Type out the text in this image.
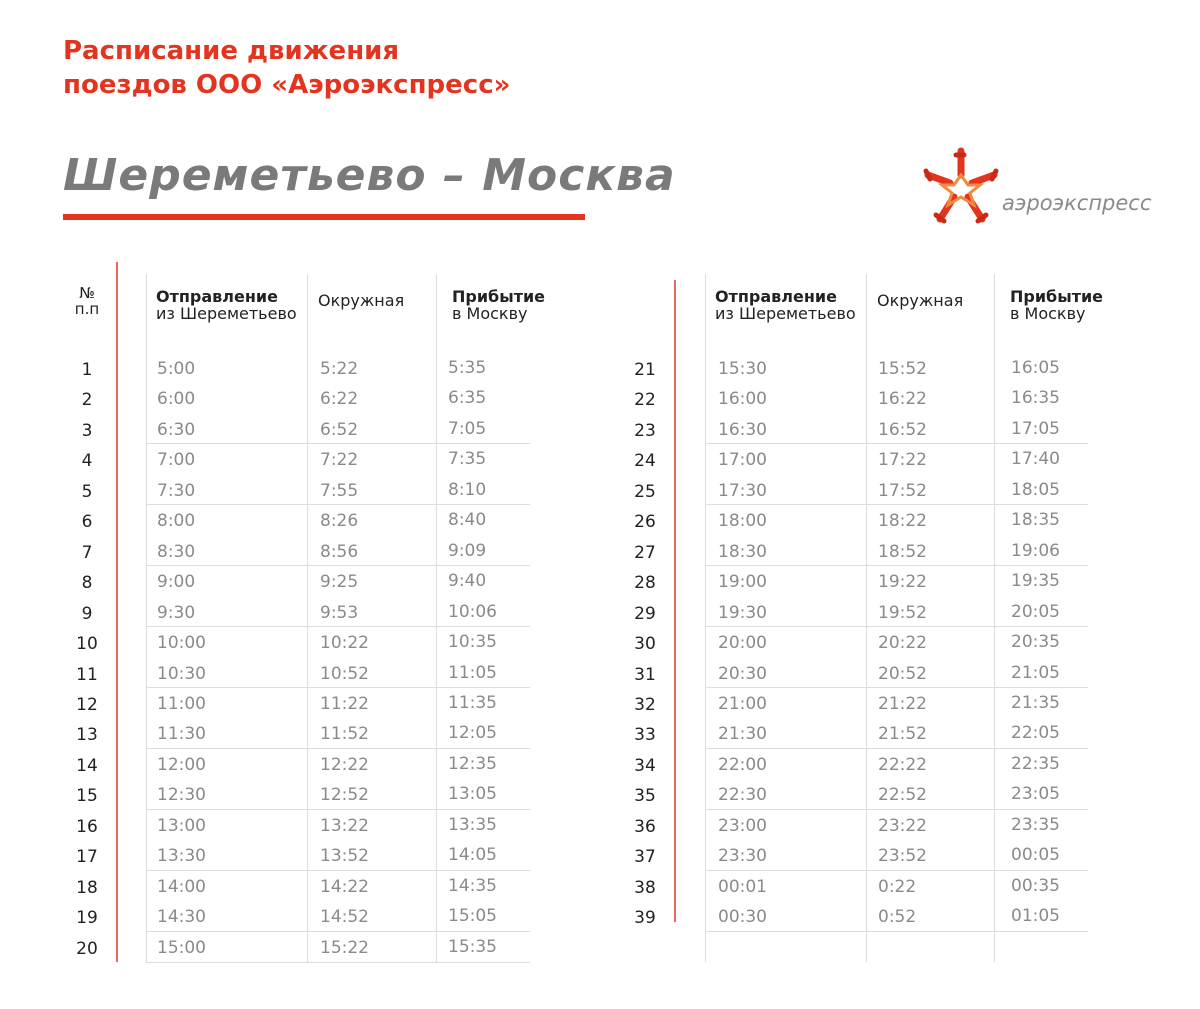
Расписание движения
поездов ООО «Аэроэкспресс»
Шереметьево – Москва
аэроэкспресс
№
п.п
Отправление
из Шереметьево
Окружная	Прибытие
в Москву
1	5:00	5:22	5:35
2	6:00	6:22	6:35
3	6:30	6:52	7:05
4	7:00	7:22	7:35
5	7:30	7:55	8:10
6	8:00	8:26	8:40
7	8:30	8:56	9:09
8	9:00	9:25	9:40
9	9:30	9:53	10:06
10	10:00	10:22	10:35
11	10:30	10:52	11:05
12	11:00	11:22	11:35
13	11:30	11:52	12:05
14	12:00	12:22	12:35
15	12:30	12:52	13:05
16	13:00	13:22	13:35
17	13:30	13:52	14:05
18	14:00	14:22	14:35
19	14:30	14:52	15:05
20	15:00	15:22	15:35
Отправление
из Шереметьево
Окружная	Прибытие
в Москву
21	15:30	15:52	16:05
22	16:00	16:22	16:35
23	16:30	16:52	17:05
24	17:00	17:22	17:40
25	17:30	17:52	18:05
26	18:00	18:22	18:35
27	18:30	18:52	19:06
28	19:00	19:22	19:35
29	19:30	19:52	20:05
30	20:00	20:22	20:35
31	20:30	20:52	21:05
32	21:00	21:22	21:35
33	21:30	21:52	22:05
34	22:00	22:22	22:35
35	22:30	22:52	23:05
36	23:00	23:22	23:35
37	23:30	23:52	00:05
38	00:01	0:22	00:35
39	00:30	0:52	01:05
